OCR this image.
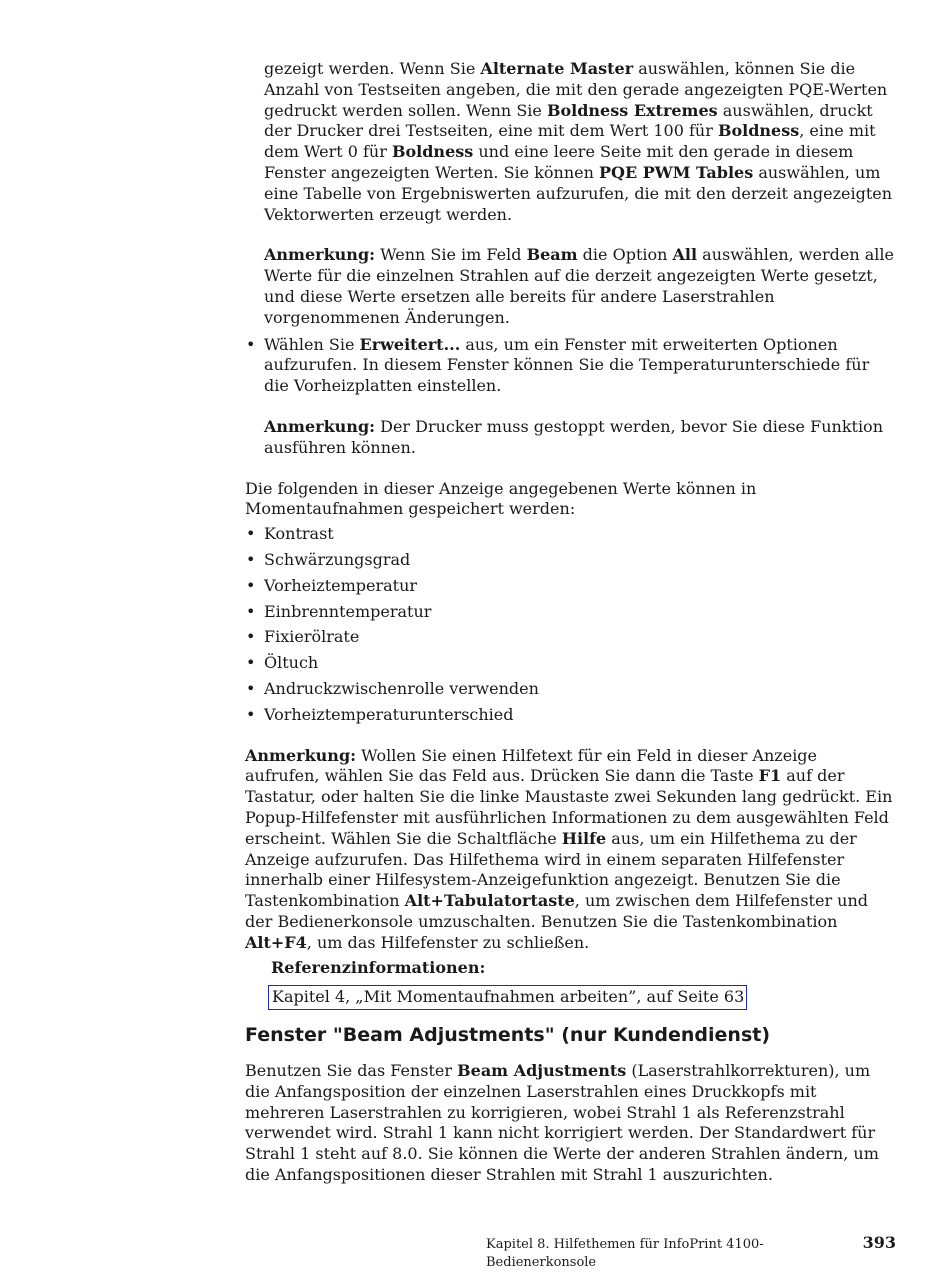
gezeigt werden. Wenn Sie Alternate Master auswählen, können Sie die Anzahl von Testseiten angeben, die mit den gerade angezeigten PQE-Werten gedruckt werden sollen. Wenn Sie Boldness Extremes auswählen, druckt der Drucker drei Testseiten, eine mit dem Wert 100 für Boldness, eine mit dem Wert 0 für Boldness und eine leere Seite mit den gerade in diesem Fenster angezeigten Werten. Sie können PQE PWM Tables auswählen, um eine Tabelle von Ergebniswerten aufzurufen, die mit den derzeit angezeigten Vektorwerten erzeugt werden.

Anmerkung: Wenn Sie im Feld Beam die Option All auswählen, werden alle Werte für die einzelnen Strahlen auf die derzeit angezeigten Werte gesetzt, und diese Werte ersetzen alle bereits für andere Laserstrahlen vorgenommenen Änderungen.

• Wählen Sie Erweitert... aus, um ein Fenster mit erweiterten Optionen aufzurufen. In diesem Fenster können Sie die Temperaturunterschiede für die Vorheizplatten einstellen.

Anmerkung: Der Drucker muss gestoppt werden, bevor Sie diese Funktion ausführen können.

Die folgenden in dieser Anzeige angegebenen Werte können in Momentaufnahmen gespeichert werden:

• Kontrast
• Schwärzungsgrad
• Vorheiztemperatur
• Einbrenntemperatur
• Fixierölrate
• Öltuch
• Andruckzwischenrolle verwenden
• Vorheiztemperaturunterschied

Anmerkung: Wollen Sie einen Hilfetext für ein Feld in dieser Anzeige aufrufen, wählen Sie das Feld aus. Drücken Sie dann die Taste F1 auf der Tastatur, oder halten Sie die linke Maustaste zwei Sekunden lang gedrückt. Ein Popup-Hilfefenster mit ausführlichen Informationen zu dem ausgewählten Feld erscheint. Wählen Sie die Schaltfläche Hilfe aus, um ein Hilfethema zu der Anzeige aufzurufen. Das Hilfethema wird in einem separaten Hilfefenster innerhalb einer Hilfesystem-Anzeigefunktion angezeigt. Benutzen Sie die Tastenkombination Alt+Tabulatortaste, um zwischen dem Hilfefenster und der Bedienerkonsole umzuschalten. Benutzen Sie die Tastenkombination Alt+F4, um das Hilfefenster zu schließen.

Referenzinformationen:

Kapitel 4, „Mit Momentaufnahmen arbeiten”, auf Seite 63
Fenster "Beam Adjustments" (nur Kundendienst)

Benutzen Sie das Fenster Beam Adjustments (Laserstrahlkorrekturen), um die Anfangsposition der einzelnen Laserstrahlen eines Druckkopfs mit mehreren Laserstrahlen zu korrigieren, wobei Strahl 1 als Referenzstrahl verwendet wird. Strahl 1 kann nicht korrigiert werden. Der Standardwert für Strahl 1 steht auf 8.0. Sie können die Werte der anderen Strahlen ändern, um die Anfangspositionen dieser Strahlen mit Strahl 1 auszurichten.

Kapitel 8. Hilfethemen für InfoPrint 4100-Bedienerkonsole
393
